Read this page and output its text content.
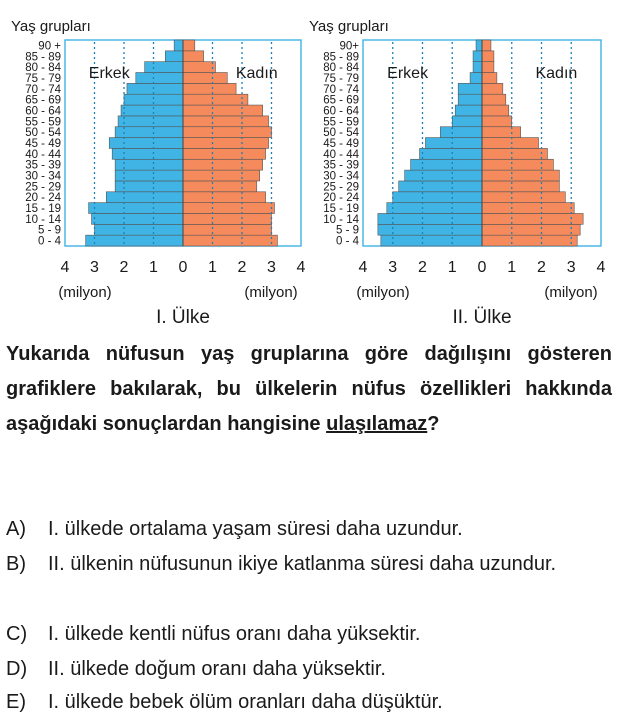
Yaş grupları
0 - 4
5 - 9
10 - 14
15 - 19
20 - 24
25 - 29
30 - 34
35 - 39
40 - 44
45 - 49
50 - 54
55 - 59
60 - 64
65 - 69
70 - 74
75 - 79
80 - 84
85 - 89
90 +
4 3 2 1 0 1 2 3 4
(milyon)	(milyon)
Erkek	Kadın
I. Ülke
Yaş grupları
0 - 4
5 - 9
10 - 14
15 - 19
20 - 24
25 - 29
30 - 34
35 - 39
40 - 44
45 - 49
50 - 54
55 - 59
60 - 64
65 - 69
70 - 74
75 - 79
80 - 84
85 - 89
90+
4 3 2 1 0 1 2 3 4
(milyon)	(milyon)
Erkek	Kadın
II. Ülke

Yukarıda nüfusun yaş gruplarına göre dağılışını gösteren grafiklere bakılarak, bu ülkelerin nüfus özellikleri hakkında aşağıdaki sonuçlardan hangisine ulaşılamaz?

A) I. ülkede ortalama yaşam süresi daha uzundur.
B) II. ülkenin nüfusunun ikiye katlanma süresi daha uzundur.
C) I. ülkede kentli nüfus oranı daha yüksektir.
D) II. ülkede doğum oranı daha yüksektir.
E) I. ülkede bebek ölüm oranları daha düşüktür.
